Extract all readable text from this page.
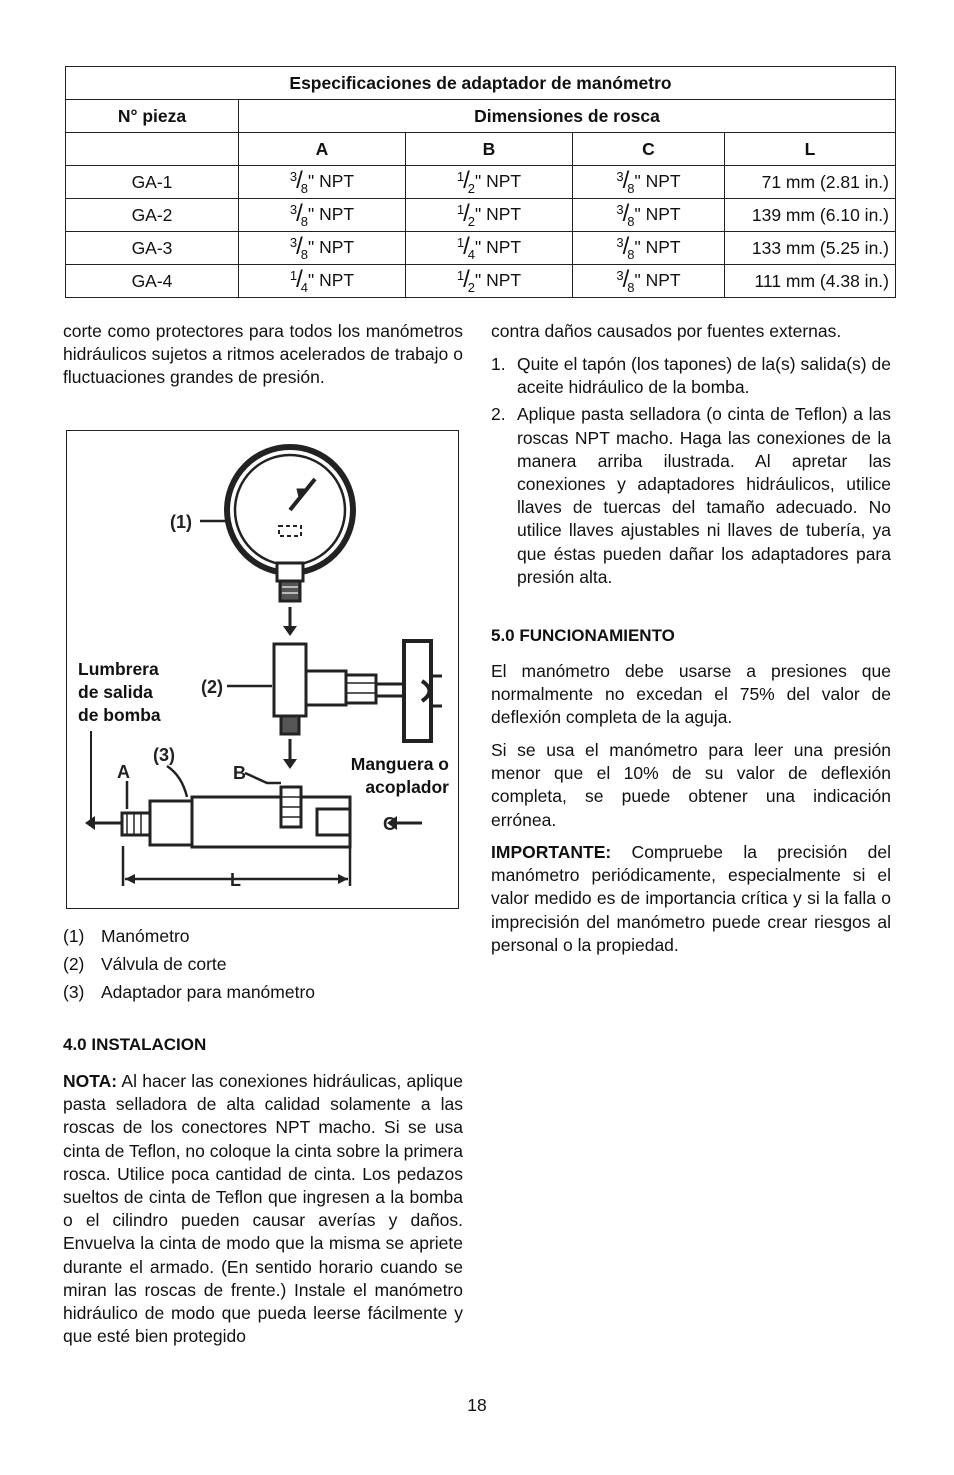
Especificaciones de adaptador de manómetro				
N° pieza	Dimensiones de rosca			
	A	B	C	L
GA-1	$^3/_8$" NPT	$^1/_2$" NPT	$^3/_8$" NPT	71 mm (2.81 in.)
GA-2	$^3/_8$" NPT	$^1/_2$" NPT	$^3/_8$" NPT	139 mm (6.10 in.)
GA-3	$^3/_8$" NPT	$^1/_4$" NPT	$^3/_8$" NPT	133 mm (5.25 in.)
GA-4	$^1/_4$" NPT	$^1/_2$" NPT	$^3/_8$" NPT	111 mm (4.38 in.)

corte como protectores para todos los manómetros hidráulicos sujetos a ritmos acelerados de trabajo o fluctuaciones grandes de presión.

(1)
(2)
(3)
A	B
C
L
Lumbrera
de salida
de bomba
Manguera o
acoplador
(1) Manómetro
(2) Válvula de corte
(3) Adaptador para manómetro

4.0 INSTALACION

NOTA: Al hacer las conexiones hidráulicas, aplique pasta selladora de alta calidad solamente a las roscas de los conectores NPT macho. Si se usa cinta de Teflon, no coloque la cinta sobre la primera rosca. Utilice poca cantidad de cinta. Los pedazos sueltos de cinta de Teflon que ingresen a la bomba o el cilindro pueden causar averías y daños. Envuelva la cinta de modo que la misma se apriete durante el armado. (En sentido horario cuando se miran las roscas de frente.) Instale el manómetro hidráulico de modo que pueda leerse fácilmente y que esté bien protegido

contra daños causados por fuentes externas.

1. Quite el tapón (los tapones) de la(s) salida(s) de aceite hidráulico de la bomba.
2. Aplique pasta selladora (o cinta de Teflon) a las roscas NPT macho. Haga las conexiones de la manera arriba ilustrada. Al apretar las conexiones y adaptadores hidráulicos, utilice llaves de tuercas del tamaño adecuado. No utilice llaves ajustables ni llaves de tubería, ya que éstas pueden dañar los adaptadores para presión alta.

5.0 FUNCIONAMIENTO

El manómetro debe usarse a presiones que normalmente no excedan el 75% del valor de deflexión completa de la aguja.

Si se usa el manómetro para leer una presión menor que el 10% de su valor de deflexión completa, se puede obtener una indicación errónea.

IMPORTANTE: Compruebe la precisión del manómetro periódicamente, especialmente si el valor medido es de importancia crítica y si la falla o imprecisión del manómetro puede crear riesgos al personal o la propiedad.

18
